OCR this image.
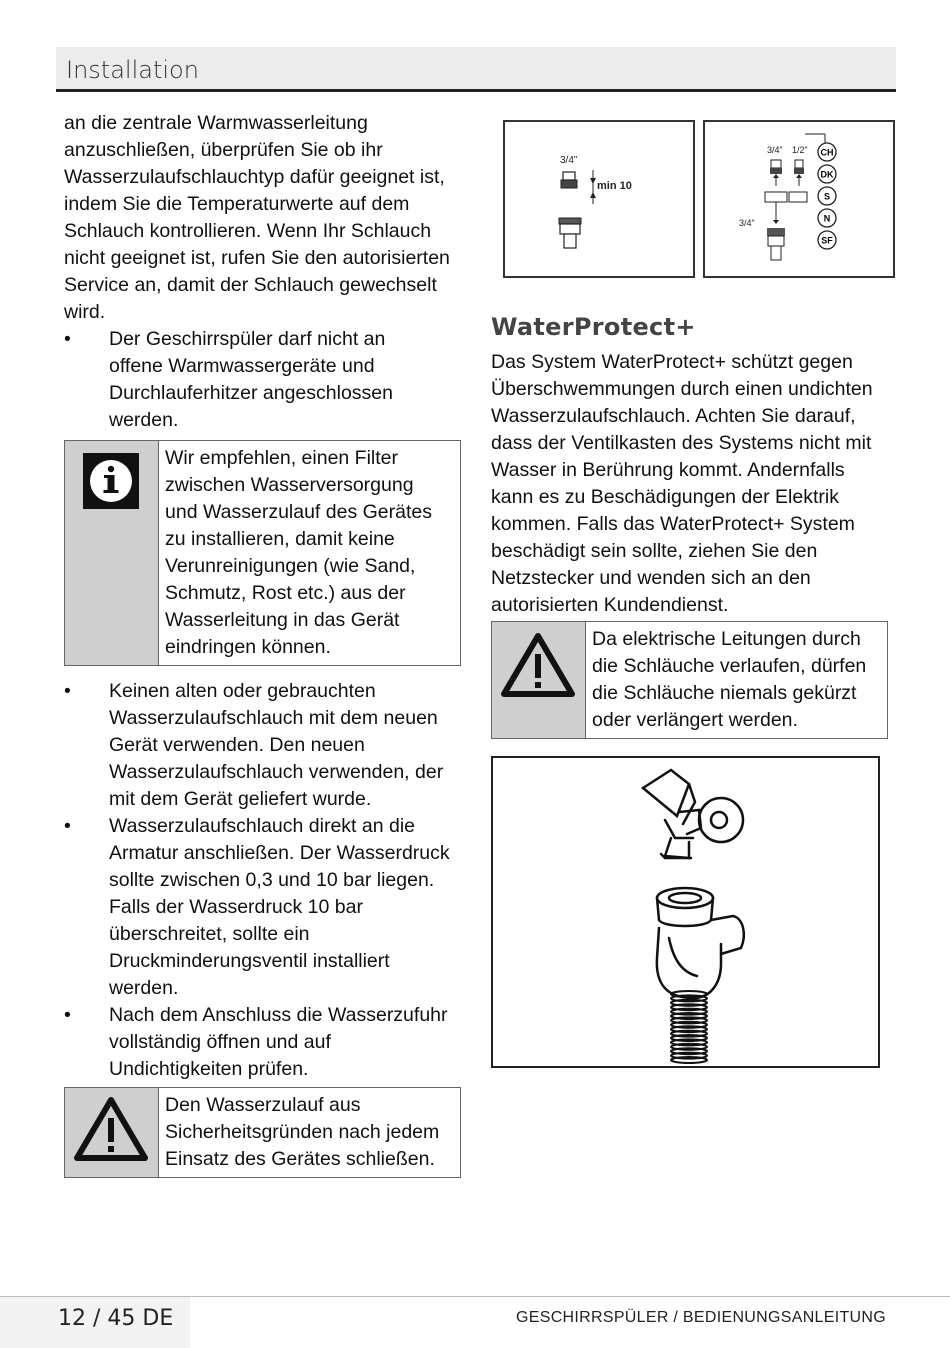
Installation
an die zentrale Warmwasserleitung anzuschließen, überprüfen Sie ob ihr Wasserzulaufschlauchtyp dafür geeignet ist, indem Sie die Temperaturwerte auf dem Schlauch kontrollieren. Wenn Ihr Schlauch nicht geeignet ist, rufen Sie den autorisierten Service an, damit der Schlauch gewechselt wird.
• Der Geschirrspüler darf nicht an offene Warmwassergeräte und Durchlauferhitzer angeschlossen werden.
Wir empfehlen, einen Filter zwischen Wasserversorgung und Wasserzulauf des Gerätes zu installieren, damit keine Verunreinigungen (wie Sand, Schmutz, Rost etc.) aus der Wasserleitung in das Gerät eindringen können.
• Keinen alten oder gebrauchten Wasserzulaufschlauch mit dem neuen Gerät verwenden. Den neuen Wasserzulaufschlauch verwenden, der mit dem Gerät geliefert wurde.
• Wasserzulaufschlauch direkt an die Armatur anschließen. Der Wasserdruck sollte zwischen 0,3 und 10 bar liegen. Falls der Wasserdruck 10 bar überschreitet, sollte ein Druckminderungsventil installiert werden.
• Nach dem Anschluss die Wasserzufuhr vollständig öffnen und auf Undichtigkeiten prüfen.
Den Wasserzulauf aus Sicherheitsgründen nach jedem Einsatz des Gerätes schließen.
3/4”
min 10
3/4” 1/2”
3/4”
CH
DK
S
N
SF
WaterProtect+
Das System WaterProtect+ schützt gegen Überschwemmungen durch einen undichten Wasserzulaufschlauch. Achten Sie darauf, dass der Ventilkasten des Systems nicht mit Wasser in Berührung kommt. Andernfalls kann es zu Beschädigungen der Elektrik kommen. Falls das WaterProtect+ System beschädigt sein sollte, ziehen Sie den Netzstecker und wenden sich an den autorisierten Kundendienst.
Da elektrische Leitungen durch die Schläuche verlaufen, dürfen die Schläuche niemals gekürzt oder verlängert werden.
12 / 45 DE	GESCHIRRSPÜLER / BEDIENUNGSANLEITUNG
